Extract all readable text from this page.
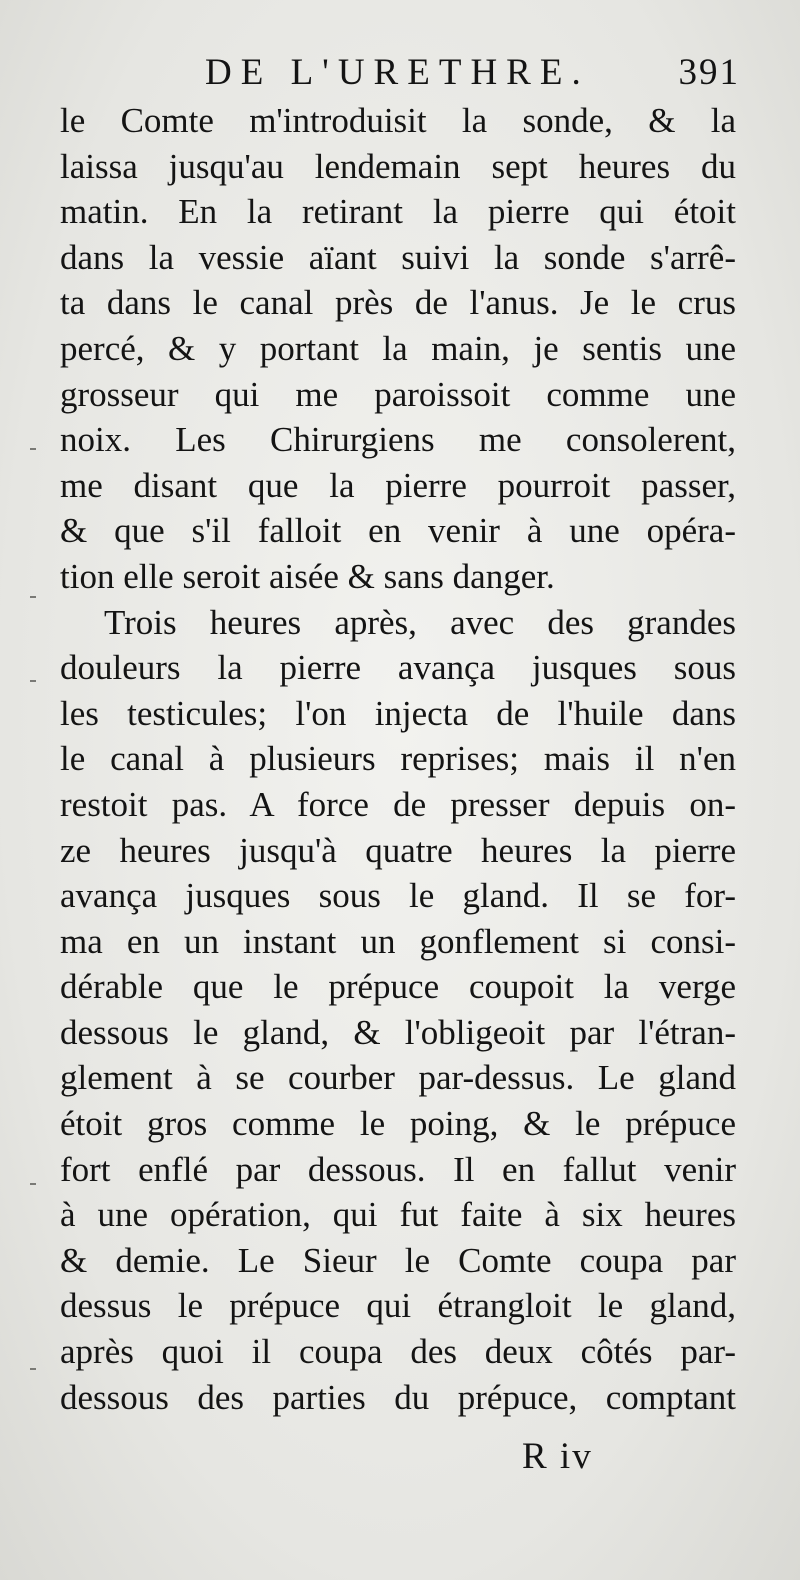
DE L'URETHRE. 391
le Comte m'introduisit la sonde, & la
laissa jusqu'au lendemain sept heures du
matin. En la retirant la pierre qui étoit
dans la vessie aïant suivi la sonde s'arrê-
ta dans le canal près de l'anus. Je le crus
percé, & y portant la main, je sentis une
grosseur qui me paroissoit comme une
noix. Les Chirurgiens me consolerent,
me disant que la pierre pourroit passer,
& que s'il falloit en venir à une opéra-
tion elle seroit aisée & sans danger.
Trois heures après, avec des grandes
douleurs la pierre avança jusques sous
les testicules; l'on injecta de l'huile dans
le canal à plusieurs reprises; mais il n'en
restoit pas. A force de presser depuis on-
ze heures jusqu'à quatre heures la pierre
avança jusques sous le gland. Il se for-
ma en un instant un gonflement si consi-
dérable que le prépuce coupoit la verge
dessous le gland, & l'obligeoit par l'étran-
glement à se courber par-dessus. Le gland
étoit gros comme le poing, & le prépuce
fort enflé par dessous. Il en fallut venir
à une opération, qui fut faite à six heures
& demie. Le Sieur le Comte coupa par
dessus le prépuce qui étrangloit le gland,
après quoi il coupa des deux côtés par-
dessous des parties du prépuce, comptant
R iv
